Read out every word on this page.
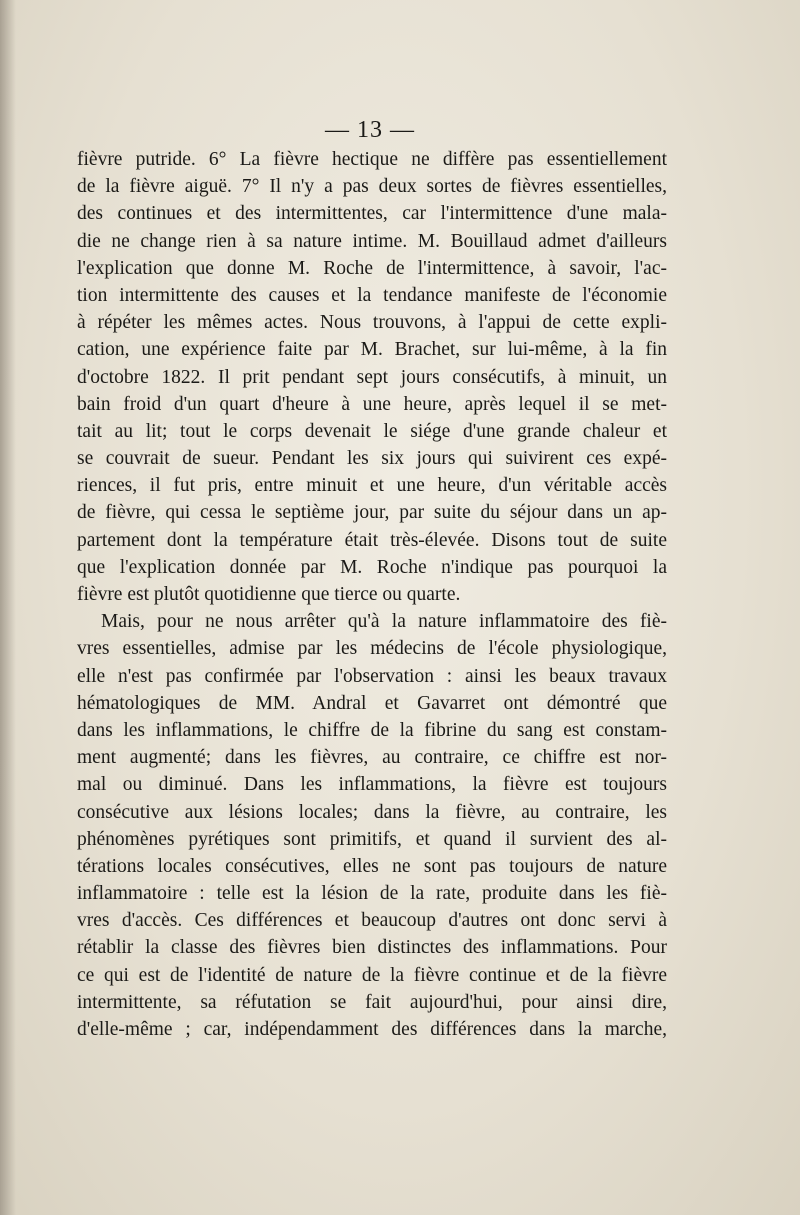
— 13 —
fièvre putride. 6° La fièvre hectique ne diffère pas essentiellement
de la fièvre aiguë. 7° Il n'y a pas deux sortes de fièvres essentielles,
des continues et des intermittentes, car l'intermittence d'une mala-
die ne change rien à sa nature intime. M. Bouillaud admet d'ailleurs
l'explication que donne M. Roche de l'intermittence, à savoir, l'ac-
tion intermittente des causes et la tendance manifeste de l'économie
à répéter les mêmes actes. Nous trouvons, à l'appui de cette expli-
cation, une expérience faite par M. Brachet, sur lui-même, à la fin
d'octobre 1822. Il prit pendant sept jours consécutifs, à minuit, un
bain froid d'un quart d'heure à une heure, après lequel il se met-
tait au lit; tout le corps devenait le siége d'une grande chaleur et
se couvrait de sueur. Pendant les six jours qui suivirent ces expé-
riences, il fut pris, entre minuit et une heure, d'un véritable accès
de fièvre, qui cessa le septième jour, par suite du séjour dans un ap-
partement dont la température était très-élevée. Disons tout de suite
que l'explication donnée par M. Roche n'indique pas pourquoi la
fièvre est plutôt quotidienne que tierce ou quarte.
Mais, pour ne nous arrêter qu'à la nature inflammatoire des fiè-
vres essentielles, admise par les médecins de l'école physiologique,
elle n'est pas confirmée par l'observation : ainsi les beaux travaux
hématologiques de MM. Andral et Gavarret ont démontré que
dans les inflammations, le chiffre de la fibrine du sang est constam-
ment augmenté; dans les fièvres, au contraire, ce chiffre est nor-
mal ou diminué. Dans les inflammations, la fièvre est toujours
consécutive aux lésions locales; dans la fièvre, au contraire, les
phénomènes pyrétiques sont primitifs, et quand il survient des al-
térations locales consécutives, elles ne sont pas toujours de nature
inflammatoire : telle est la lésion de la rate, produite dans les fiè-
vres d'accès. Ces différences et beaucoup d'autres ont donc servi à
rétablir la classe des fièvres bien distinctes des inflammations. Pour
ce qui est de l'identité de nature de la fièvre continue et de la fièvre
intermittente, sa réfutation se fait aujourd'hui, pour ainsi dire,
d'elle-même ; car, indépendamment des différences dans la marche,
